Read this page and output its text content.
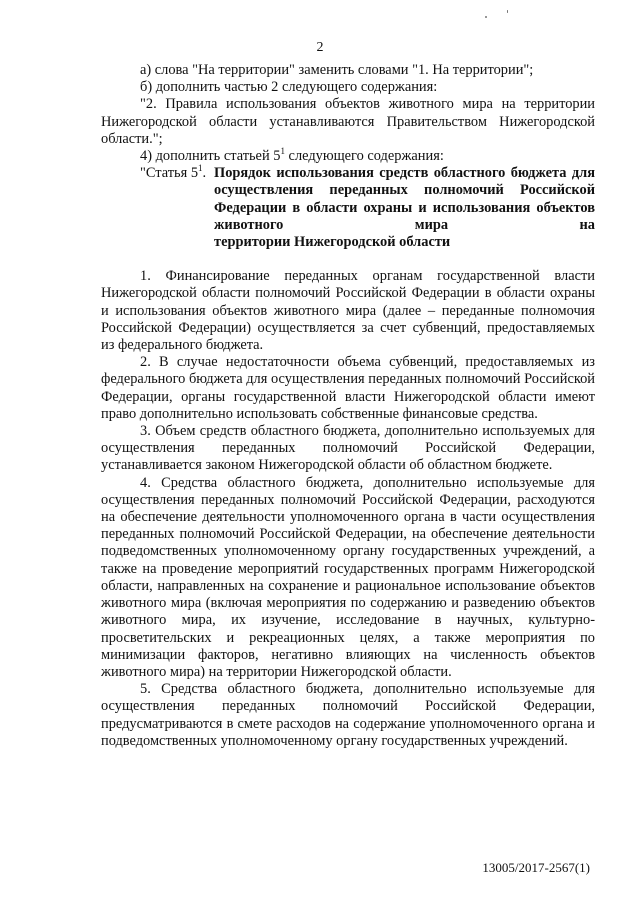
2

а) слова "На территории" заменить словами "1. На территории";

б) дополнить частью 2 следующего содержания:

"2. Правила использования объектов животного мира на территории Нижегородской области устанавливаются Правительством Нижегородской области.";

4) дополнить статьей $5^1$ следующего содержания:

"Статья $5^1$. Порядок использования средств областного бюджета для осуществления переданных полномочий Российской Федерации в области охраны и использования объектов животного мира на
территории Нижегородской области

1. Финансирование переданных органам государственной власти Нижегородской области полномочий Российской Федерации в области охраны и использования объектов животного мира (далее – переданные полномочия Российской Федерации) осуществляется за счет субвенций, предоставляемых из федерального бюджета.

2. В случае недостаточности объема субвенций, предоставляемых из федерального бюджета для осуществления переданных полномочий Российской Федерации, органы государственной власти Нижегородской области имеют право дополнительно использовать собственные финансовые средства.

3. Объем средств областного бюджета, дополнительно используемых для осуществления переданных полномочий Российской Федерации, устанавливается законом Нижегородской области об областном бюджете.

4. Средства областного бюджета, дополнительно используемые для осуществления переданных полномочий Российской Федерации, расходуются на обеспечение деятельности уполномоченного органа в части осуществления переданных полномочий Российской Федерации, на обеспечение деятельности подведомственных уполномоченному органу государственных учреждений, а также на проведение мероприятий государственных программ Нижегородской области, направленных на сохранение и рациональное использование объектов животного мира (включая мероприятия по содержанию и разведению объектов животного мира, их изучение, исследование в научных, культурно-просветительских и рекреационных целях, а также мероприятия по минимизации факторов, негативно влияющих на численность объектов животного мира) на территории Нижегородской области.

5. Средства областного бюджета, дополнительно используемые для осуществления переданных полномочий Российской Федерации, предусматриваются в смете расходов на содержание уполномоченного органа и подведомственных уполномоченному органу государственных учреждений.

13005/2017-2567(1)
